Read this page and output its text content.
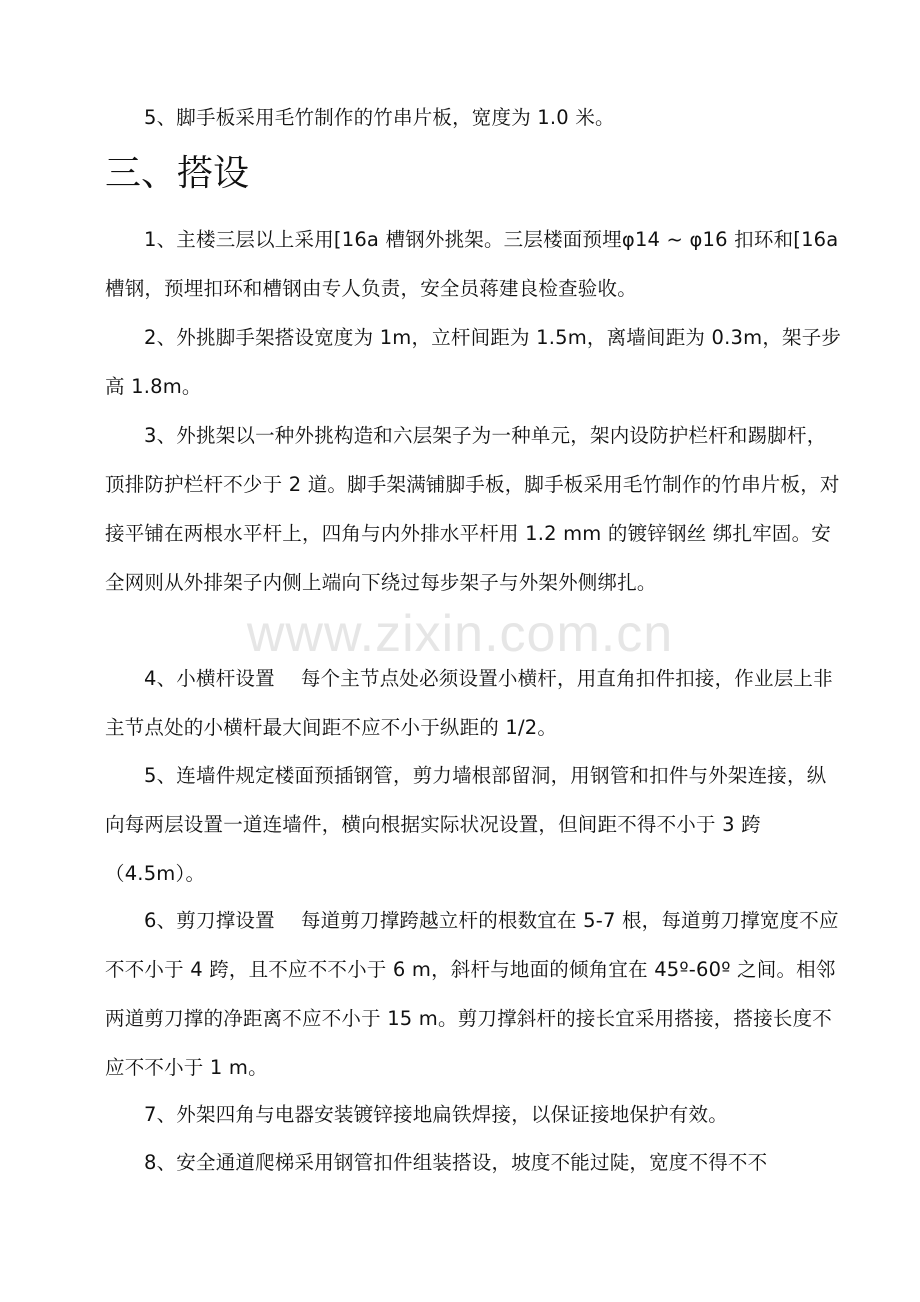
5、脚手板采用毛竹制作的竹串片板，宽度为 1.0 米。

三、搭设

1、主楼三层以上采用[16a 槽钢外挑架。三层楼面预埋φ14 ~ φ16 扣环和[16a 槽钢，预埋扣环和槽钢由专人负责，安全员蒋建良检查验收。

2、外挑脚手架搭设宽度为 1m，立杆间距为 1.5m，离墙间距为 0.3m，架子步高 1.8m。

3、外挑架以一种外挑构造和六层架子为一种单元，架内设防护栏杆和踢脚杆，顶排防护栏杆不少于 2 道。脚手架满铺脚手板，脚手板采用毛竹制作的竹串片板，对接平铺在两根水平杆上，四角与内外排水平杆用 1.2 mm 的镀锌钢丝 绑扎牢固。安全网则从外排架子内侧上端向下绕过每步架子与外架外侧绑扎。

4、小横杆设置　 每个主节点处必须设置小横杆，用直角扣件扣接，作业层上非主节点处的小横杆最大间距不应不小于纵距的 1/2。

5、连墙件规定楼面预插钢管，剪力墙根部留洞，用钢管和扣件与外架连接，纵向每两层设置一道连墙件，横向根据实际状况设置，但间距不得不小于 3 跨（4.5m）。

6、剪刀撑设置　 每道剪刀撑跨越立杆的根数宜在 5-7 根，每道剪刀撑宽度不应不不小于 4 跨，且不应不不小于 6 m，斜杆与地面的倾角宜在 45º-60º 之间。相邻两道剪刀撑的净距离不应不小于 15 m。剪刀撑斜杆的接长宜采用搭接，搭接长度不应不不小于 1 m。

7、外架四角与电器安装镀锌接地扁铁焊接，以保证接地保护有效。

8、安全通道爬梯采用钢管扣件组装搭设，坡度不能过陡，宽度不得不不

www.zixin.com.cn
